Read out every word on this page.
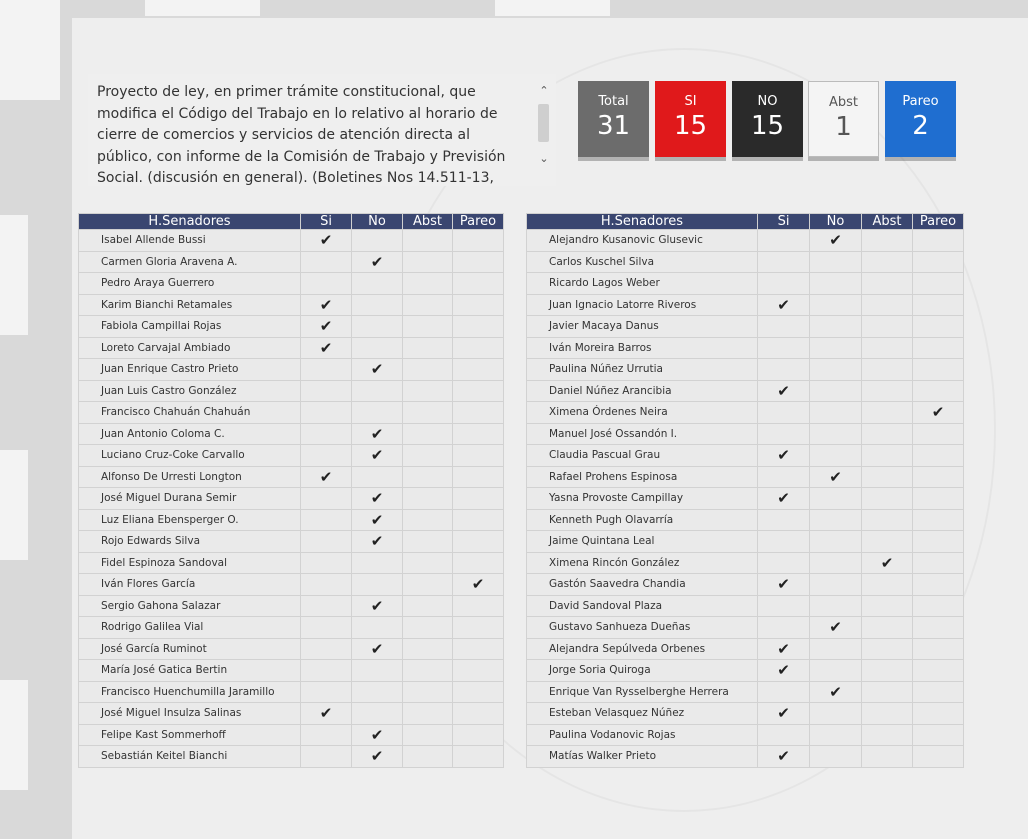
Proyecto de ley, en primer trámite constitucional, que modifica el Código del Trabajo en lo relativo al horario de cierre de comercios y servicios de atención directa al público, con informe de la Comisión de Trabajo y Previsión Social. (discusión en general). (Boletines Nos 14.511-13,
⌃
⌄
Total
31
SI
15
NO
15
Abst
1
Pareo
2
H.Senadores	Si	No	Abst	Pareo
Isabel Allende Bussi	✔			
Carmen Gloria Aravena A.		✔		
Pedro Araya Guerrero				
Karim Bianchi Retamales	✔			
Fabiola Campillai Rojas	✔			
Loreto Carvajal Ambiado	✔			
Juan Enrique Castro Prieto		✔		
Juan Luis Castro González				
Francisco Chahuán Chahuán				
Juan Antonio Coloma C.		✔		
Luciano Cruz-Coke Carvallo		✔		
Alfonso De Urresti Longton	✔			
José Miguel Durana Semir		✔		
Luz Eliana Ebensperger O.		✔		
Rojo Edwards Silva		✔		
Fidel Espinoza Sandoval				
Iván Flores García				✔
Sergio Gahona Salazar		✔		
Rodrigo Galilea Vial				
José García Ruminot		✔		
María José Gatica Bertin				
Francisco Huenchumilla Jaramillo				
José Miguel Insulza Salinas	✔			
Felipe Kast Sommerhoff		✔		
Sebastián Keitel Bianchi		✔		
H.Senadores	Si	No	Abst	Pareo
Alejandro Kusanovic Glusevic		✔		
Carlos Kuschel Silva				
Ricardo Lagos Weber				
Juan Ignacio Latorre Riveros	✔			
Javier Macaya Danus				
Iván Moreira Barros				
Paulina Núñez Urrutia				
Daniel Núñez Arancibia	✔			
Ximena Órdenes Neira				✔
Manuel José Ossandón I.				
Claudia Pascual Grau	✔			
Rafael Prohens Espinosa		✔		
Yasna Provoste Campillay	✔			
Kenneth Pugh Olavarría				
Jaime Quintana Leal				
Ximena Rincón González			✔	
Gastón Saavedra Chandia	✔			
David Sandoval Plaza				
Gustavo Sanhueza Dueñas		✔		
Alejandra Sepúlveda Orbenes	✔			
Jorge Soria Quiroga	✔			
Enrique Van Rysselberghe Herrera		✔		
Esteban Velasquez Núñez	✔			
Paulina Vodanovic Rojas				
Matías Walker Prieto	✔			
